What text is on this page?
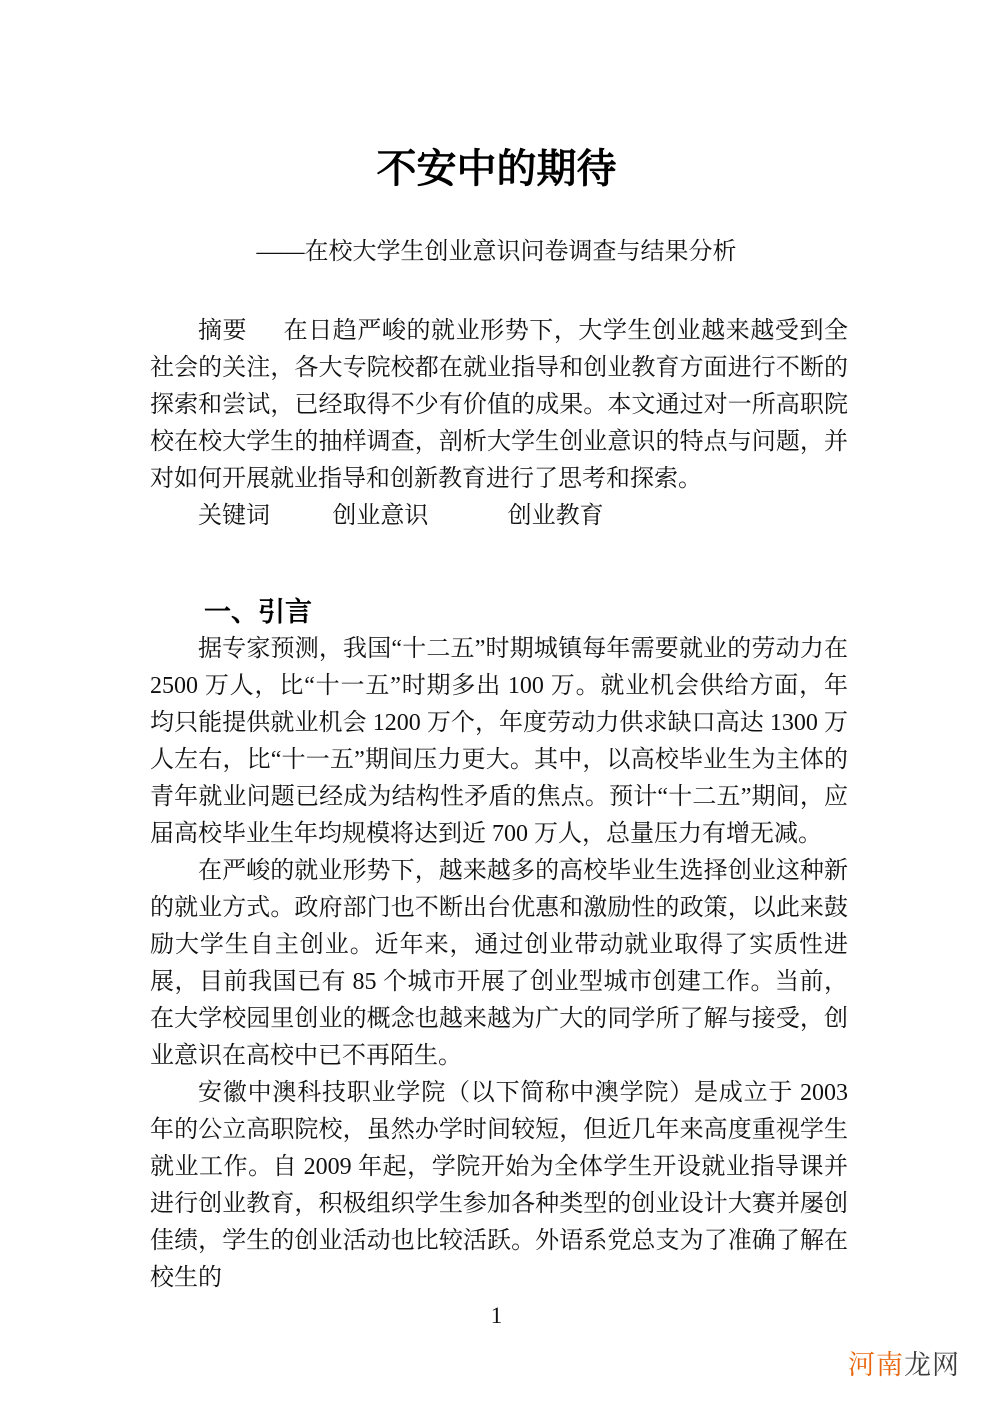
不安中的期待
——在校大学生创业意识问卷调查与结果分析

摘要 在日趋严峻的就业形势下，大学生创业越来越受到全社会的关注，各大专院校都在就业指导和创业教育方面进行不断的探索和尝试，已经取得不少有价值的成果。本文通过对一所高职院校在校大学生的抽样调查，剖析大学生创业意识的特点与问题，并对如何开展就业指导和创新教育进行了思考和探索。

关键词	创业意识	创业教育

一、引言

据专家预测，我国“十二五”时期城镇每年需要就业的劳动力在 2500 万人，比“十一五”时期多出 100 万。就业机会供给方面，年均只能提供就业机会 1200 万个，年度劳动力供求缺口高达 1300 万人左右，比“十一五”期间压力更大。其中，以高校毕业生为主体的青年就业问题已经成为结构性矛盾的焦点。预计“十二五”期间，应届高校毕业生年均规模将达到近 700 万人，总量压力有增无减。

在严峻的就业形势下，越来越多的高校毕业生选择创业这种新的就业方式。政府部门也不断出台优惠和激励性的政策，以此来鼓励大学生自主创业。近年来，通过创业带动就业取得了实质性进展，目前我国已有 85 个城市开展了创业型城市创建工作。当前，在大学校园里创业的概念也越来越为广大的同学所了解与接受，创业意识在高校中已不再陌生。

安徽中澳科技职业学院（以下简称中澳学院）是成立于 2003 年的公立高职院校，虽然办学时间较短，但近几年来高度重视学生就业工作。自 2009 年起，学院开始为全体学生开设就业指导课并进行创业教育，积极组织学生参加各种类型的创业设计大赛并屡创佳绩，学生的创业活动也比较活跃。外语系党总支为了准确了解在校生的

1
河南龙网
